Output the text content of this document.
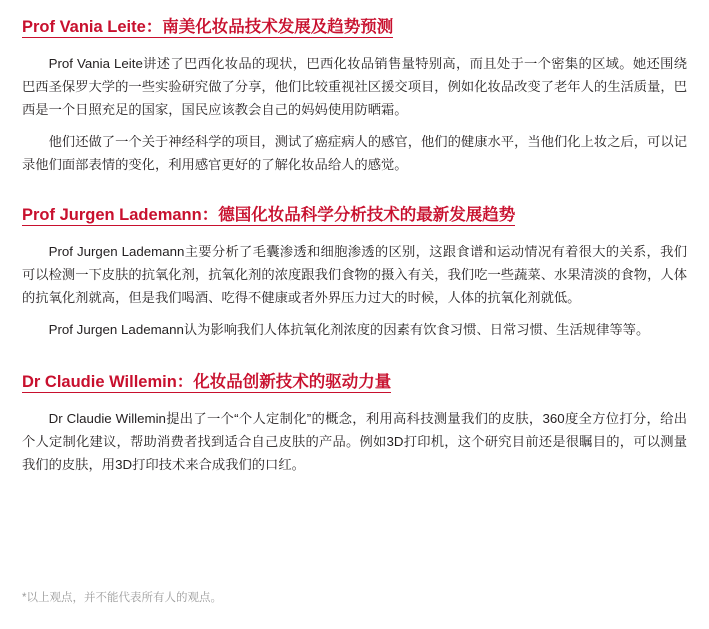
Prof Vania Leite：南美化妆品技术发展及趋势预测

Prof Vania Leite讲述了巴西化妆品的现状，巴西化妆品销售量特别高，而且处于一个密集的区域。她还围绕巴西圣保罗大学的一些实验研究做了分享，他们比较重视社区援交项目，例如化妆品改变了老年人的生活质量，巴西是一个日照充足的国家，国民应该教会自己的妈妈使用防晒霜。

他们还做了一个关于神经科学的项目，测试了癌症病人的感官，他们的健康水平，当他们化上妆之后，可以记录他们面部表情的变化，利用感官更好的了解化妆品给人的感觉。

Prof Jurgen Lademann：德国化妆品科学分析技术的最新发展趋势

Prof Jurgen Lademann主要分析了毛囊渗透和细胞渗透的区别，这跟食谱和运动情况有着很大的关系，我们可以检测一下皮肤的抗氧化剂，抗氧化剂的浓度跟我们食物的摄入有关，我们吃一些蔬菜、水果清淡的食物，人体的抗氧化剂就高，但是我们喝酒、吃得不健康或者外界压力过大的时候，人体的抗氧化剂就低。

Prof Jurgen Lademann认为影响我们人体抗氧化剂浓度的因素有饮食习惯、日常习惯、生活规律等等。

Dr Claudie Willemin：化妆品创新技术的驱动力量

Dr Claudie Willemin提出了一个“个人定制化”的概念，利用高科技测量我们的皮肤，360度全方位打分，给出个人定制化建议，帮助消费者找到适合自己皮肤的产品。例如3D打印机，这个研究目前还是很瞩目的，可以测量我们的皮肤，用3D打印技术来合成我们的口红。

*以上观点，并不能代表所有人的观点。
